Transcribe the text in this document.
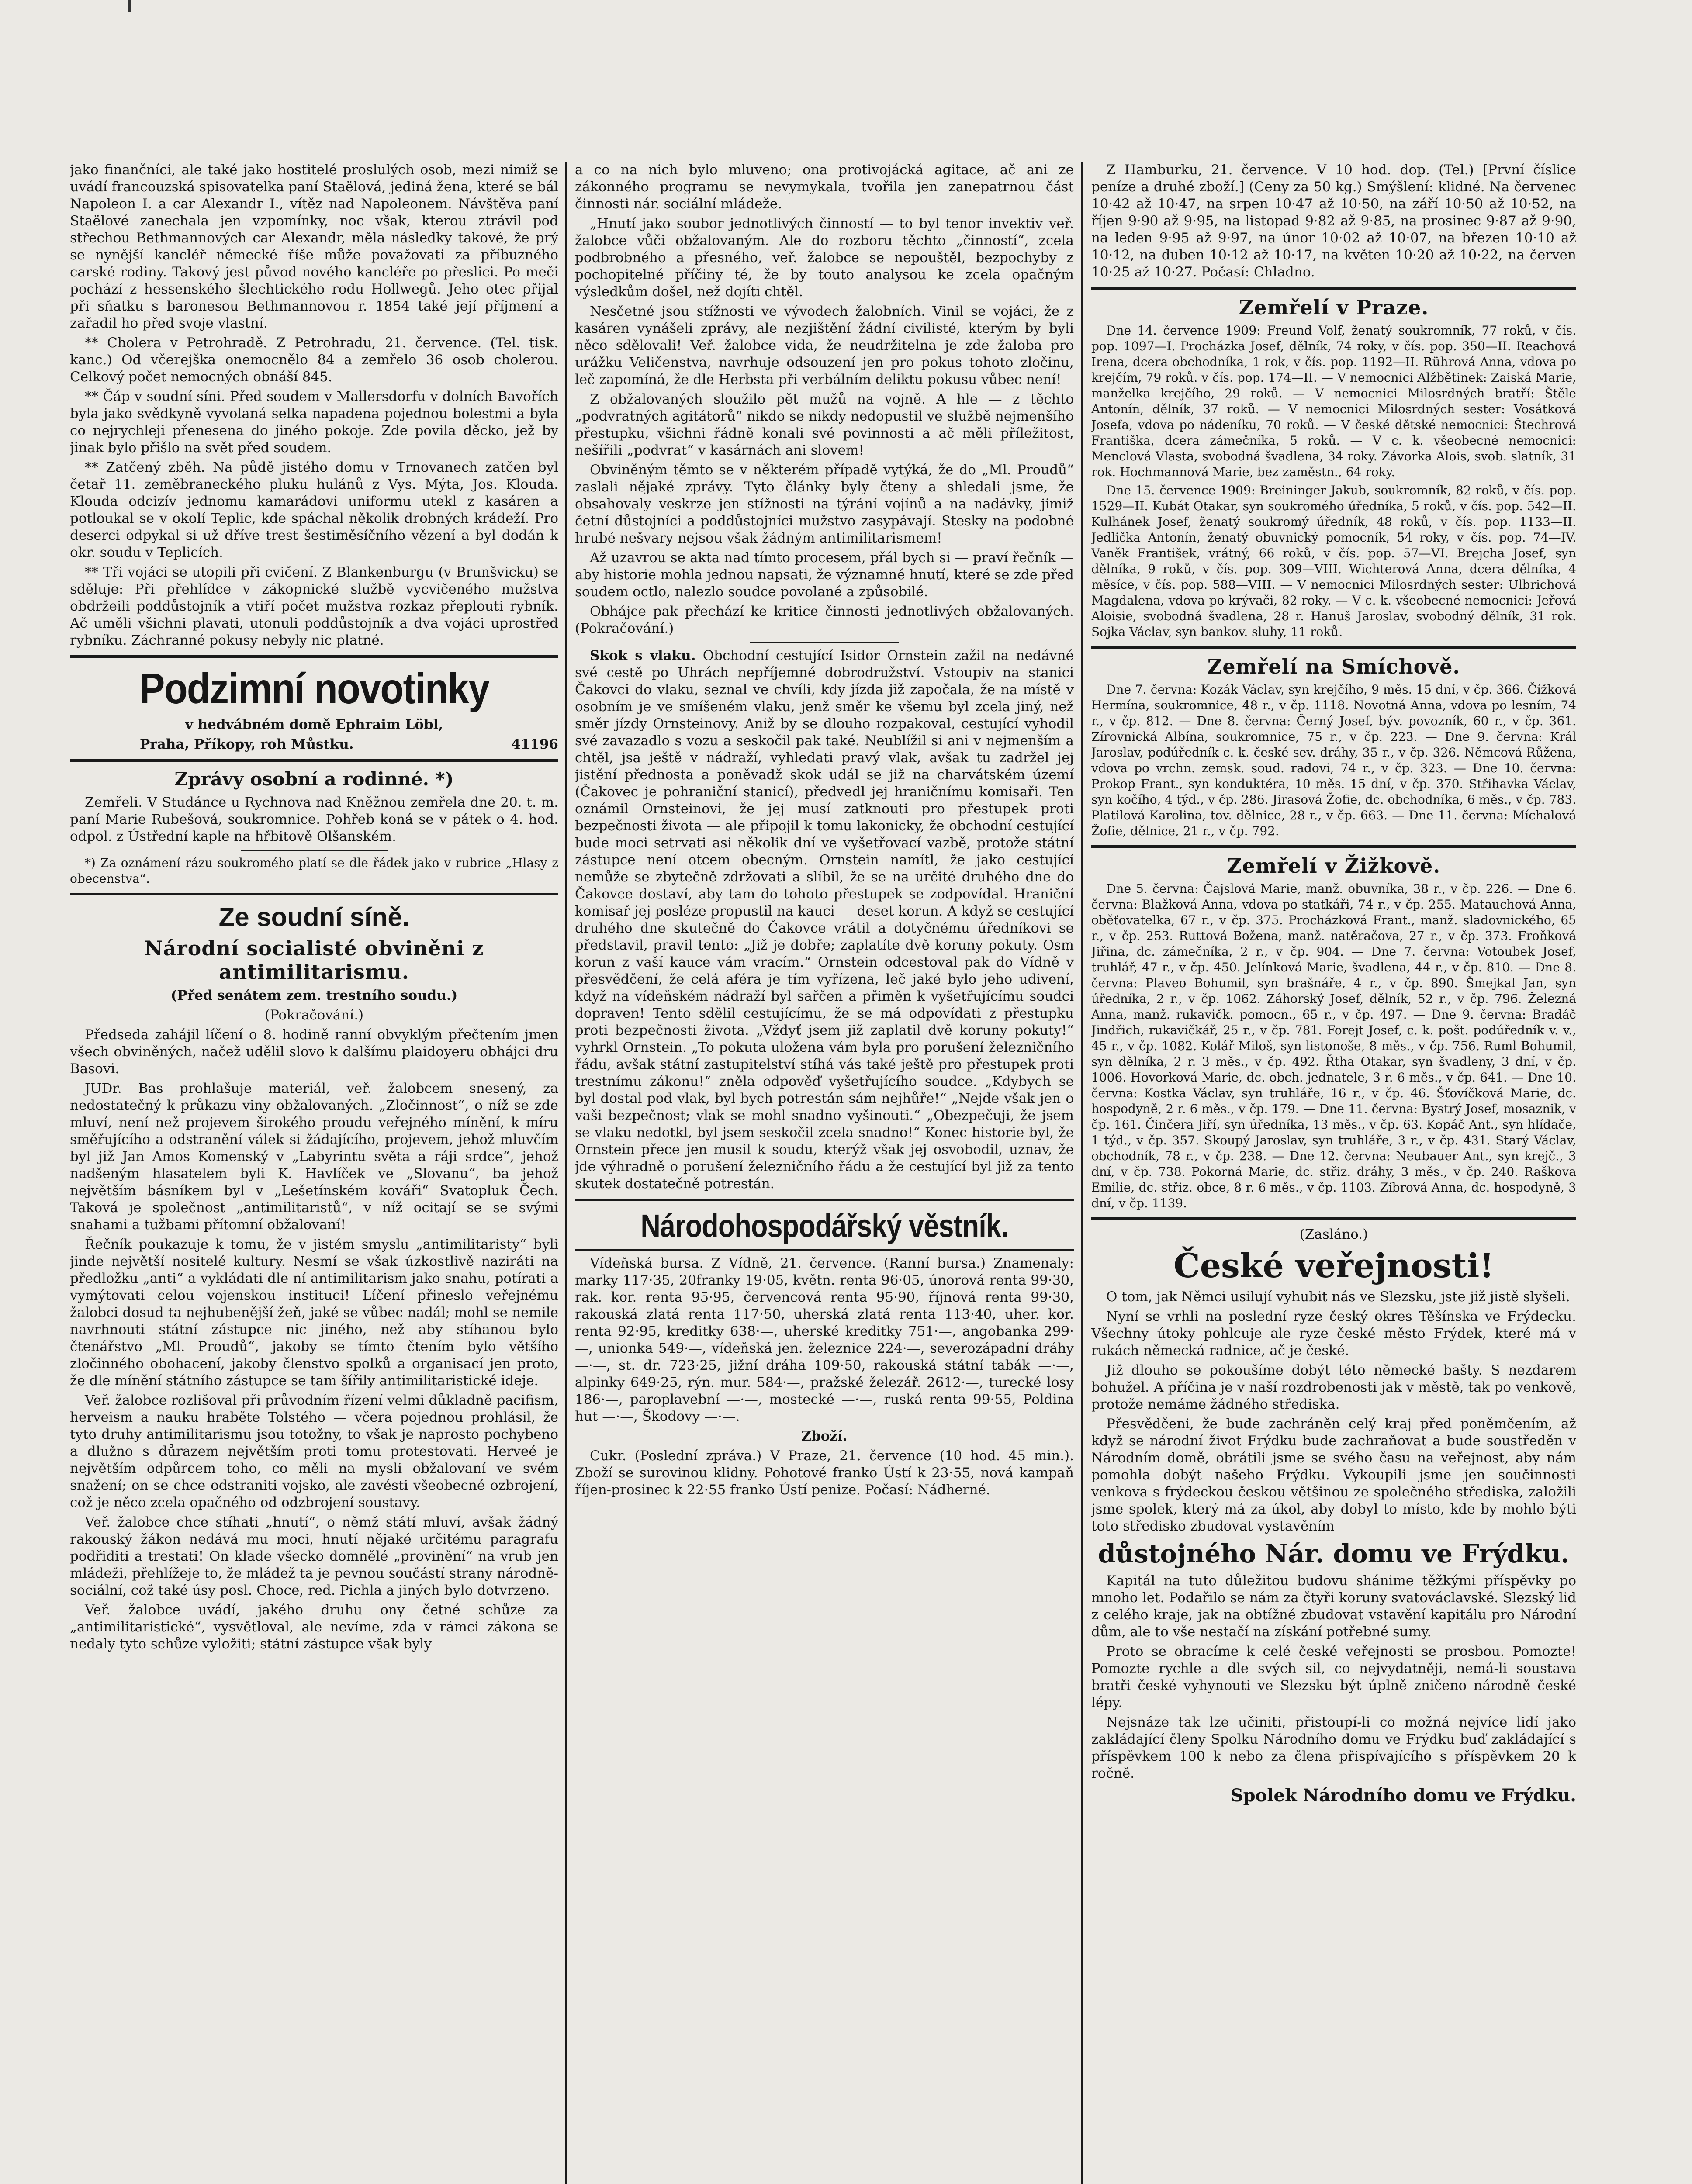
jako finančníci, ale také jako hostitelé proslulých osob, mezi nimiž se uvádí francouzská spisovatelka paní Staëlová, jediná žena, které se bál Napoleon I. a car Alexandr I., vítěz nad Napoleonem. Návštěva paní Staëlové zanechala jen vzpomínky, noc však, kterou ztrávil pod střechou Bethmannových car Alexandr, měla následky takové, že prý se nynější kancléř německé říše může považovati za příbuzného carské rodiny. Takový jest původ nového kancléře po přeslici. Po meči pochází z hessenského šlechtického rodu Hollwegů. Jeho otec přijal při sňatku s baronesou Bethmannovou r. 1854 také její příjmení a zařadil ho před svoje vlastní.

** Cholera v Petrohradě. Z Petrohradu, 21. července. (Tel. tisk. kanc.) Od včerejška onemocnělo 84 a zemřelo 36 osob cholerou. Celkový počet nemocných obnáší 845.

** Čáp v soudní síni. Před soudem v Mallersdorfu v dolních Bavořích byla jako svědkyně vyvolaná selka napadena pojednou bolestmi a byla co nejrychleji přenesena do jiného pokoje. Zde povila děcko, jež by jinak bylo přišlo na svět před soudem.

** Zatčený zběh. Na půdě jistého domu v Trnovanech zatčen byl četař 11. zeměbraneckého pluku hulánů z Vys. Mýta, Jos. Klouda. Klouda odcizív jednomu kamarádovi uniformu utekl z kasáren a potloukal se v okolí Teplic, kde spáchal několik drobných krádeží. Pro deserci odpykal si už dříve trest šestiměsíčního vězení a byl dodán k okr. soudu v Teplicích.

** Tři vojáci se utopili při cvičení. Z Blankenburgu (v Brunšvicku) se sděluje: Při přehlídce v zákopnické službě vycvičeného mužstva obdržeili poddůstojník a vtiří počet mužstva rozkaz přeplouti rybník. Ač uměli všichni plavati, utonuli poddůstojník a dva vojáci uprostřed rybníku. Záchranné pokusy nebyly nic platné.

Podzimní novotinky

v hedvábném domě Ephraim Löbl,

Praha, Příkopy, roh Můstku.	41196
Zprávy osobní a rodinné. *)

Zemřeli. V Studánce u Rychnova nad Kněžnou zemřela dne 20. t. m. paní Marie Rubešová, soukromnice. Pohřeb koná se v pátek o 4. hod. odpol. z Ústřední kaple na hřbitově Olšanském.

*) Za oznámení rázu soukromého platí se dle řádek jako v rubrice „Hlasy z obecenstva“.

Ze soudní síně.
Národní socialisté obviněni z antimilitarismu.

(Před senátem zem. trestního soudu.)

(Pokračování.)

Předseda zahájil líčení o 8. hodině ranní obvyklým přečtením jmen všech obviněných, načež udělil slovo k dalšímu plaidoyeru obhájci dru Basovi.

JUDr. Bas prohlašuje materiál, veř. žalobcem snesený, za nedostatečný k průkazu viny obžalovaných. „Zločinnost“, o níž se zde mluví, není než projevem širokého proudu veřejného mínění, k míru směřujícího a odstranění válek si žádajícího, projevem, jehož mluvčím byl již Jan Amos Komenský v „Labyrintu světa a ráji srdce“, jehož nadšeným hlasatelem byli K. Havlíček ve „Slovanu“, ba jehož největším básníkem byl v „Lešetínském kováři“ Svatopluk Čech. Taková je společnost „antimilitaristů“, v níž ocitají se se svými snahami a tužbami přítomní obžalovaní!

Řečník poukazuje k tomu, že v jistém smyslu „antimilitaristy“ byli jinde největší nositelé kultury. Nesmí se však úzkostlivě naziráti na předložku „anti“ a vykládati dle ní antimilitarism jako snahu, potírati a vymýtovati celou vojenskou instituci! Líčení přineslo veřejnému žalobci dosud ta nejhubenější žeň, jaké se vůbec nadál; mohl se nemile navrhnouti státní zástupce nic jiného, než aby stíhanou bylo čtenářstvo „Ml. Proudů“, jakoby se tímto čtením bylo většího zločinného obohacení, jakoby členstvo spolků a organisací jen proto, že dle mínění státního zástupce se tam šířily antimilitaristické ideje.

Veř. žalobce rozlišoval při průvodním řízení velmi důkladně pacifism, herveism a nauku hraběte Tolstého — včera pojednou prohlásil, že tyto druhy antimilitarismu jsou totožny, to však je naprosto pochybeno a dlužno s důrazem největším proti tomu protestovati. Herveé je největším odpůrcem toho, co měli na mysli obžalovaní ve svém snažení; on se chce odstraniti vojsko, ale zavésti všeobecné ozbrojení, což je něco zcela opačného od odzbrojení soustavy.

Veř. žalobce chce stíhati „hnutí“, o němž státí mluví, avšak žádný rakouský žákon nedává mu moci, hnutí nějaké určitému paragrafu podřiditi a trestati! On klade všecko domnělé „provinění“ na vrub jen mládeži, přehlížeje to, že mládež ta je pevnou součástí strany národně-sociální, což také úsy posl. Choce, red. Pichla a jiných bylo dotvrzeno.

Veř. žalobce uvádí, jakého druhu ony četné schůze za „antimilitaristické“, vysvětloval, ale nevíme, zda v rámci zákona se nedaly tyto schůze vyložiti; státní zástupce však byly

a co na nich bylo mluveno; ona protivojácká agitace, ač ani ze zákonného programu se nevymykala, tvořila jen zanepatrnou část činnosti nár. sociální mládeže.

„Hnutí jako soubor jednotlivých činností — to byl tenor invektiv veř. žalobce vůči obžalovaným. Ale do rozboru těchto „činností“, zcela podbrobného a přesného, veř. žalobce se nepouštěl, bezpochyby z pochopitelné příčiny té, že by touto analysou ke zcela opačným výsledkům došel, než dojíti chtěl.

Nesčetné jsou stížnosti ve vývodech žalobních. Vinil se vojáci, že z kasáren vynášeli zprávy, ale nezjištění žádní civilisté, kterým by byli něco sdělovali! Veř. žalobce vida, že neudržitelna je zde žaloba pro urážku Veličenstva, navrhuje odsouzení jen pro pokus tohoto zločinu, leč zapomíná, že dle Herbsta při verbálním deliktu pokusu vůbec není!

Z obžalovaných sloužilo pět mužů na vojně. A hle — z těchto „podvratných agitátorů“ nikdo se nikdy nedopustil ve službě nejmenšího přestupku, všichni řádně konali své povinnosti a ač měli příležitost, nešířili „podvrat“ v kasárnách ani slovem!

Obviněným těmto se v některém případě vytýká, že do „Ml. Proudů“ zaslali nějaké zprávy. Tyto články byly čteny a shledali jsme, že obsahovaly veskrze jen stížnosti na týrání vojínů a na nadávky, jimiž četní důstojníci a poddůstojníci mužstvo zasypávají. Stesky na podobné hrubé nešvary nejsou však žádným antimilitarismem!

Až uzavrou se akta nad tímto procesem, přál bych si — praví řečník — aby historie mohla jednou napsati, že významné hnutí, které se zde před soudem octlo, nalezlo soudce povolané a způsobilé.

Obhájce pak přechází ke kritice činnosti jednotlivých obžalovaných. (Pokračování.)

Skok s vlaku. Obchodní cestující Isidor Ornstein zažil na nedávné své cestě po Uhrách nepříjemné dobrodružství. Vstoupiv na stanici Čakovci do vlaku, seznal ve chvíli, kdy jízda již započala, že na místě v osobním je ve smíšeném vlaku, jenž směr ke všemu byl zcela jiný, než směr jízdy Ornsteinovy. Aniž by se dlouho rozpakoval, cestující vyhodil své zavazadlo s vozu a seskočil pak také. Neublížil si ani v nejmenším a chtěl, jsa ještě v nádraží, vyhledati pravý vlak, avšak tu zadržel jej jistění přednosta a poněvadž skok udál se již na charvátském území (Čakovec je pohraniční stanicí), předvedl jej hraničnímu komisaři. Ten oznámil Ornsteinovi, že jej musí zatknouti pro přestupek proti bezpečnosti života — ale připojil k tomu lakonicky, že obchodní cestující bude moci setrvati asi několik dní ve vyšetřovací vazbě, protože státní zástupce není otcem obecným. Ornstein namítl, že jako cestující nemůže se zbytečně zdržovati a slíbil, že se na určité druhého dne do Čakovce dostaví, aby tam do tohoto přestupek se zodpovídal. Hraniční komisař jej posléze propustil na kauci — deset korun. A když se cestující druhého dne skutečně do Čakovce vrátil a dotyčnému úředníkovi se představil, pravil tento: „Již je dobře; zaplatíte dvě koruny pokuty. Osm korun z vaší kauce vám vracím.“ Ornstein odcestoval pak do Vídně v přesvědčení, že celá aféra je tím vyřízena, leč jaké bylo jeho udivení, když na vídeňském nádraží byl sařčen a přiměn k vyšetřujícímu soudci dopraven! Tento sdělil cestujícímu, že se má odpovídati z přestupku proti bezpečnosti života. „Vždyť jsem již zaplatil dvě koruny pokuty!“ vyhrkl Ornstein. „To pokuta uložena vám byla pro porušení železničního řádu, avšak státní zastupitelství stíhá vás také ještě pro přestupek proti trestnímu zákonu!“ zněla odpověď vyšetřujícího soudce. „Kdybych se byl dostal pod vlak, byl bych potrestán sám nejhůře!“ „Nejde však jen o vaši bezpečnost; vlak se mohl snadno vyšinouti.“ „Obezpečuji, že jsem se vlaku nedotkl, byl jsem seskočil zcela snadno!“ Konec historie byl, že Ornstein přece jen musil k soudu, kterýž však jej osvobodil, uznav, že jde výhradně o porušení železničního řádu a že cestující byl již za tento skutek dostatečně potrestán.

Národohospodářský věstník.

Vídeňská bursa. Z Vídně, 21. července. (Ranní bursa.) Znamenaly: marky 117·35, 20franky 19·05, květn. renta 96·05, únorová renta 99·30, rak. kor. renta 95·95, červencová renta 95·90, říjnová renta 99·30, rakouská zlatá renta 117·50, uherská zlatá renta 113·40, uher. kor. renta 92·95, kreditky 638·—, uherské kreditky 751·—, angobanka 299·—, unionka 549·—, vídeňská jen. železnice 224·—, severozápadní dráhy —·—, st. dr. 723·25, jižní dráha 109·50, rakouská státní tabák —·—, alpinky 649·25, rýn. mur. 584·—, pražské železář. 2612·—, turecké losy 186·—, paroplavební —·—, mostecké —·—, ruská renta 99·55, Poldina hut —·—, Škodovy —·—.

Zboží.

Cukr. (Poslední zpráva.) V Praze, 21. července (10 hod. 45 min.). Zboží se surovinou klidny. Pohotové franko Ústí k 23·55, nová kampaň říjen-prosinec k 22·55 franko Ústí penize. Počasí: Nádherné.

Z Hamburku, 21. července. V 10 hod. dop. (Tel.) [První číslice peníze a druhé zboží.] (Ceny za 50 kg.) Smýšlení: klidné. Na červenec 10·42 až 10·47, na srpen 10·47 až 10·50, na září 10·50 až 10·52, na říjen 9·90 až 9·95, na listopad 9·82 až 9·85, na prosinec 9·87 až 9·90, na leden 9·95 až 9·97, na únor 10·02 až 10·07, na březen 10·10 až 10·12, na duben 10·12 až 10·17, na květen 10·20 až 10·22, na červen 10·25 až 10·27. Počasí: Chladno.

Zemřelí v Praze.

Dne 14. července 1909: Freund Volf, ženatý soukromník, 77 roků, v čís. pop. 1097—I. Procházka Josef, dělník, 74 roky, v čís. pop. 350—II. Reachová Irena, dcera obchodníka, 1 rok, v čís. pop. 1192—II. Rührová Anna, vdova po krejčím, 79 roků. v čís. pop. 174—II. — V nemocnici Alžbětinek: Zaiská Marie, manželka krejčího, 29 roků. — V nemocnici Milosrdných bratří: Štěle Antonín, dělník, 37 roků. — V nemocnici Milosrdných sester: Vosátková Josefa, vdova po nádeníku, 70 roků. — V české dětské nemocnici: Štechrová Františka, dcera zámečníka, 5 roků. — V c. k. všeobecné nemocnici: Menclová Vlasta, svobodná švadlena, 34 roky. Závorka Alois, svob. slatník, 31 rok. Hochmannová Marie, bez zaměstn., 64 roky.

Dne 15. července 1909: Breininger Jakub, soukromník, 82 roků, v čís. pop. 1529—II. Kubát Otakar, syn soukromého úředníka, 5 roků, v čís. pop. 542—II. Kulhánek Josef, ženatý soukromý úředník, 48 roků, v čís. pop. 1133—II. Jedlička Antonín, ženatý obuvnický pomocník, 54 roky, v čís. pop. 74—IV. Vaněk František, vrátný, 66 roků, v čís. pop. 57—VI. Brejcha Josef, syn dělníka, 9 roků, v čís. pop. 309—VIII. Wichterová Anna, dcera dělníka, 4 měsíce, v čís. pop. 588—VIII. — V nemocnici Milosrdných sester: Ulbrichová Magdalena, vdova po krývači, 82 roky. — V c. k. všeobecné nemocnici: Jeřová Aloisie, svobodná švadlena, 28 r. Hanuš Jaroslav, svobodný dělník, 31 rok. Sojka Václav, syn bankov. sluhy, 11 roků.

Zemřelí na Smíchově.

Dne 7. června: Kozák Václav, syn krejčího, 9 měs. 15 dní, v čp. 366. Čížková Hermína, soukromnice, 48 r., v čp. 1118. Novotná Anna, vdova po lesním, 74 r., v čp. 812. — Dne 8. června: Černý Josef, býv. povozník, 60 r., v čp. 361. Zírovnická Albína, soukromnice, 75 r., v čp. 223. — Dne 9. června: Král Jaroslav, podúředník c. k. české sev. dráhy, 35 r., v čp. 326. Němcová Růžena, vdova po vrchn. zemsk. soud. radovi, 74 r., v čp. 323. — Dne 10. června: Prokop Frant., syn konduktéra, 10 měs. 15 dní, v čp. 370. Střihavka Václav, syn kočího, 4 týd., v čp. 286. Jirasová Žofie, dc. obchodníka, 6 měs., v čp. 783. Platilová Karolina, tov. dělnice, 28 r., v čp. 663. — Dne 11. června: Míchalová Žofie, dělnice, 21 r., v čp. 792.

Zemřelí v Žižkově.

Dne 5. června: Čajslová Marie, manž. obuvníka, 38 r., v čp. 226. — Dne 6. června: Blažková Anna, vdova po statkáři, 74 r., v čp. 255. Matauchová Anna, oběťovatelka, 67 r., v čp. 375. Procházková Frant., manž. sladovnického, 65 r., v čp. 253. Ruttová Božena, manž. natěračova, 27 r., v čp. 373. Froňková Jiřina, dc. zámečníka, 2 r., v čp. 904. — Dne 7. června: Votoubek Josef, truhlář, 47 r., v čp. 450. Jelínková Marie, švadlena, 44 r., v čp. 810. — Dne 8. června: Plaveo Bohumil, syn brašnáře, 4 r., v čp. 890. Šmejkal Jan, syn úředníka, 2 r., v čp. 1062. Záhorský Josef, dělník, 52 r., v čp. 796. Železná Anna, manž. rukavičk. pomocn., 65 r., v čp. 497. — Dne 9. června: Bradáč Jindřich, rukavičkář, 25 r., v čp. 781. Forejt Josef, c. k. pošt. podúředník v. v., 45 r., v čp. 1082. Kolář Miloš, syn listonoše, 8 měs., v čp. 756. Ruml Bohumil, syn dělníka, 2 r. 3 měs., v čp. 492. Řtha Otakar, syn švadleny, 3 dní, v čp. 1006. Hovorková Marie, dc. obch. jednatele, 3 r. 6 měs., v čp. 641. — Dne 10. června: Kostka Václav, syn truhláře, 16 r., v čp. 46. Šťovíčková Marie, dc. hospodyně, 2 r. 6 měs., v čp. 179. — Dne 11. června: Bystrý Josef, mosaznik, v čp. 161. Činčera Jiří, syn úředníka, 13 měs., v čp. 63. Kopáč Ant., syn hlídače, 1 týd., v čp. 357. Skoupý Jaroslav, syn truhláře, 3 r., v čp. 431. Starý Václav, obchodník, 78 r., v čp. 238. — Dne 12. června: Neubauer Ant., syn krejč., 3 dní, v čp. 738. Pokorná Marie, dc. střiz. dráhy, 3 měs., v čp. 240. Raškova Emilie, dc. střiz. obce, 8 r. 6 měs., v čp. 1103. Zíbrová Anna, dc. hospodyně, 3 dní, v čp. 1139.

(Zasláno.)

České veřejnosti!

O tom, jak Němci usilují vyhubit nás ve Slezsku, jste již jistě slyšeli.

Nyní se vrhli na poslední ryze český okres Těšínska ve Frýdecku. Všechny útoky pohlcuje ale ryze české město Frýdek, které má v rukách německá radnice, ač je české.

Již dlouho se pokoušíme dobýt této německé bašty. S nezdarem bohužel. A příčina je v naší rozdrobenosti jak v městě, tak po venkově, protože nemáme žádného střediska.

Přesvědčeni, že bude zachráněn celý kraj před poněmčením, až když se národní život Frýdku bude zachraňovat a bude soustředěn v Národním domě, obrátili jsme se svého času na veřejnost, aby nám pomohla dobýt našeho Frýdku. Vykoupili jsme jen součinnosti venkova s frýdeckou českou většinou ze společného střediska, založili jsme spolek, který má za úkol, aby dobyl to místo, kde by mohlo býti toto středisko zbudovat vystavěním

důstojného Nár. domu ve Frýdku.

Kapitál na tuto důležitou budovu shánime těžkými příspěvky po mnoho let. Podařilo se nám za čtyři koruny svatováclavské. Slezský lid z celého kraje, jak na obtížné zbudovat vstavění kapitálu pro Národní dům, ale to vše nestačí na získání potřebné sumy.

Proto se obracíme k celé české veřejnosti se prosbou. Pomozte! Pomozte rychle a dle svých sil, co nejvydatněji, nemá-li soustava bratři české vyhynouti ve Slezsku být úplně zničeno národně české lépy.

Nejsnáze tak lze učiniti, přistoupí-li co možná nejvíce lidí jako zakládající členy Spolku Národního domu ve Frýdku buď zakládající s příspěvkem 100 k nebo za člena přispívajícího s příspěvkem 20 k ročně.

Spolek Národního domu ve Frýdku.
